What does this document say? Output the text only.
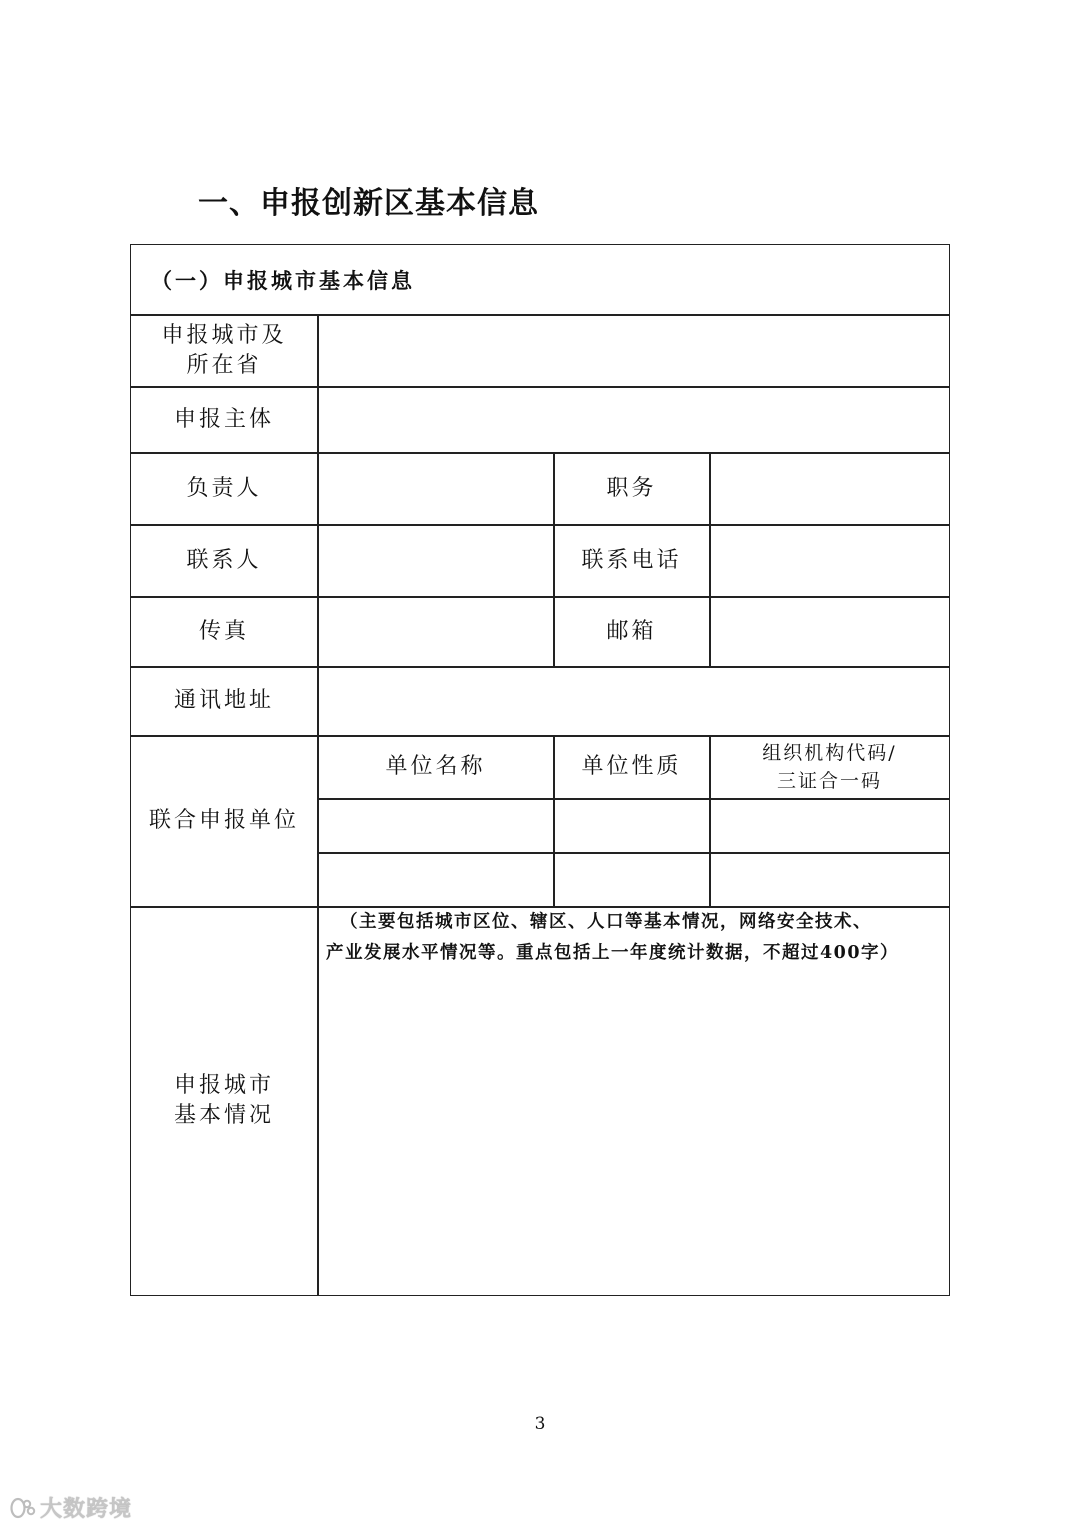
一、申报创新区基本信息
（一）申报城市基本信息
申报城市及
所在省
申报主体
负责人	职务
联系人	联系电话
传真	邮箱
通讯地址
联合申报单位
单位名称	单位性质
组织机构代码/
三证合一码
申报城市
基本情况
（主要包括城市区位、辖区、人口等基本情况，网络安全技术、
产业发展水平情况等。重点包括上一年度统计数据，不超过400字）
3
大数跨境
